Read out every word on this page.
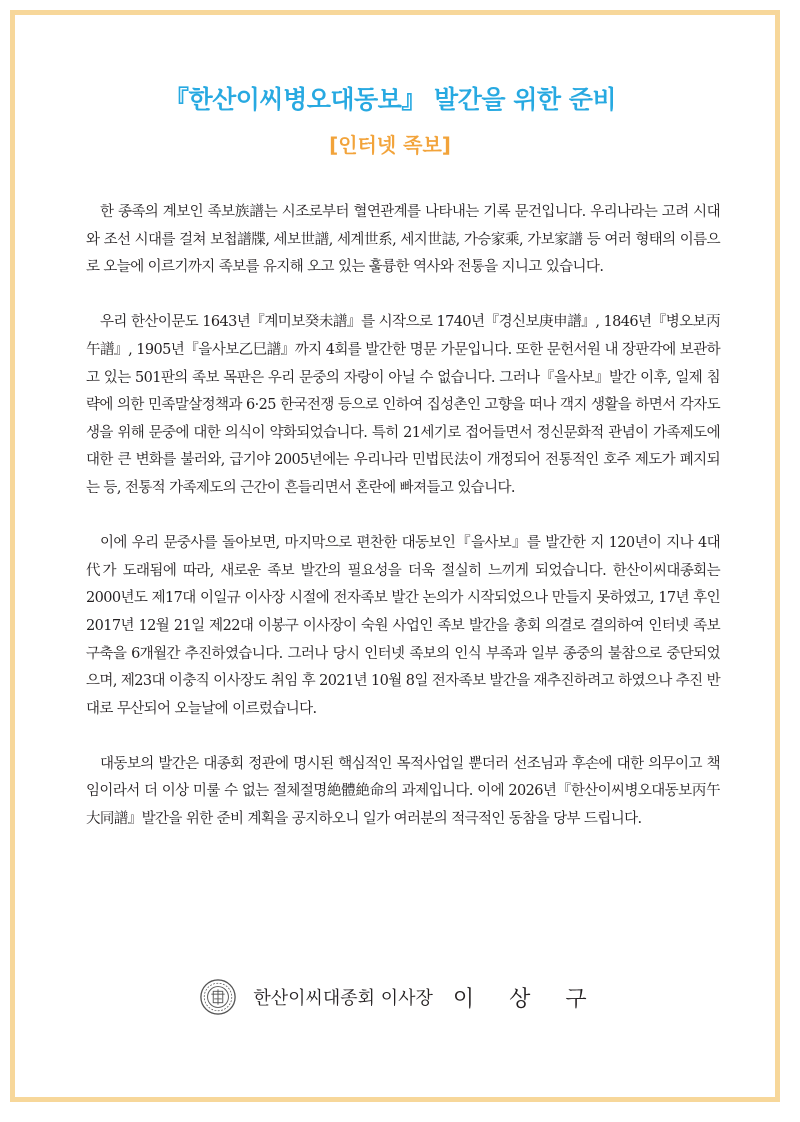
『한산이씨병오대동보』 발간을 위한 준비
[인터넷 족보]

한 종족의 계보인 족보族譜는 시조로부터 혈연관계를 나타내는 기록 문건입니다. 우리나라는 고려 시대와 조선 시대를 걸쳐 보첩譜牒, 세보世譜, 세계世系, 세지世誌, 가승家乘, 가보家譜 등 여러 형태의 이름으로 오늘에 이르기까지 족보를 유지해 오고 있는 훌륭한 역사와 전통을 지니고 있습니다.

우리 한산이문도 1643년『계미보癸未譜』를 시작으로 1740년『경신보庚申譜』, 1846년『병오보丙午譜』, 1905년『을사보乙巳譜』까지 4회를 발간한 명문 가문입니다. 또한 문헌서원 내 장판각에 보관하고 있는 501판의 족보 목판은 우리 문중의 자랑이 아닐 수 없습니다. 그러나『을사보』발간 이후, 일제 침략에 의한 민족말살정책과 6·25 한국전쟁 등으로 인하여 집성촌인 고향을 떠나 객지 생활을 하면서 각자도생을 위해 문중에 대한 의식이 약화되었습니다. 특히 21세기로 접어들면서 정신문화적 관념이 가족제도에 대한 큰 변화를 불러와, 급기야 2005년에는 우리나라 민법民法이 개정되어 전통적인 호주 제도가 폐지되는 등, 전통적 가족제도의 근간이 흔들리면서 혼란에 빠져들고 있습니다.

이에 우리 문중사를 돌아보면, 마지막으로 편찬한 대동보인『을사보』를 발간한 지 120년이 지나 4대代가 도래됨에 따라, 새로운 족보 발간의 필요성을 더욱 절실히 느끼게 되었습니다. 한산이씨대종회는 2000년도 제17대 이일규 이사장 시절에 전자족보 발간 논의가 시작되었으나 만들지 못하였고, 17년 후인 2017년 12월 21일 제22대 이봉구 이사장이 숙원 사업인 족보 발간을 총회 의결로 결의하여 인터넷 족보 구축을 6개월간 추진하였습니다. 그러나 당시 인터넷 족보의 인식 부족과 일부 종중의 불참으로 중단되었으며, 제23대 이충직 이사장도 취임 후 2021년 10월 8일 전자족보 발간을 재추진하려고 하였으나 추진 반대로 무산되어 오늘날에 이르렀습니다.

대동보의 발간은 대종회 정관에 명시된 핵심적인 목적사업일 뿐더러 선조님과 후손에 대한 의무이고 책임이라서 더 이상 미룰 수 없는 절체절명絶體絶命의 과제입니다. 이에 2026년『한산이씨병오대동보丙午大同譜』발간을 위한 준비 계획을 공지하오니 일가 여러분의 적극적인 동참을 당부 드립니다.

한산이씨대종회 이사장 이 상 구
